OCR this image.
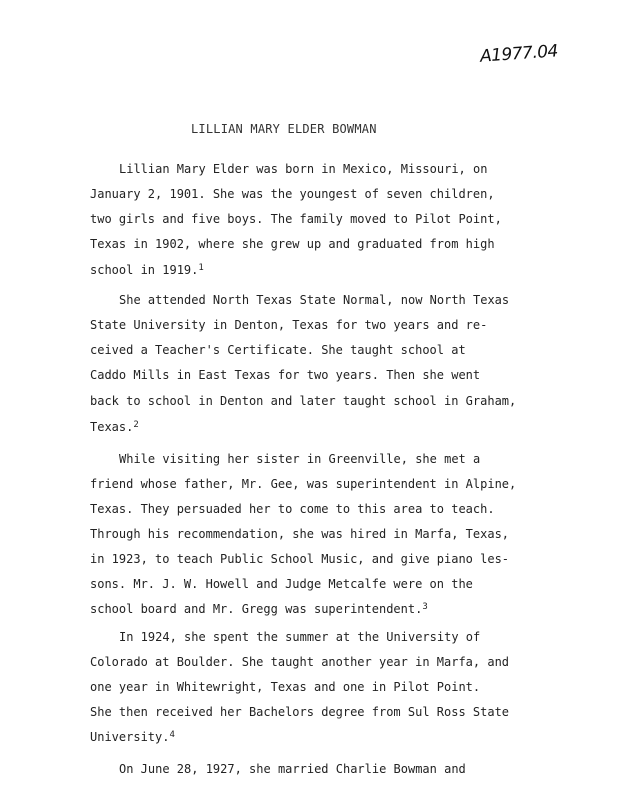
A1977.04
LILLIAN MARY ELDER BOWMAN
Lillian Mary Elder was born in Mexico, Missouri, on
January 2, 1901. She was the youngest of seven children,
two girls and five boys. The family moved to Pilot Point,
Texas in 1902, where she grew up and graduated from high
school in 1919.$^1$
She attended North Texas State Normal, now North Texas
State University in Denton, Texas for two years and re-
ceived a Teacher's Certificate. She taught school at
Caddo Mills in East Texas for two years. Then she went
back to school in Denton and later taught school in Graham,
Texas.$^2$
While visiting her sister in Greenville, she met a
friend whose father, Mr. Gee, was superintendent in Alpine,
Texas. They persuaded her to come to this area to teach.
Through his recommendation, she was hired in Marfa, Texas,
in 1923, to teach Public School Music, and give piano les-
sons. Mr. J. W. Howell and Judge Metcalfe were on the
school board and Mr. Gregg was superintendent.$^3$
In 1924, she spent the summer at the University of
Colorado at Boulder. She taught another year in Marfa, and
one year in Whitewright, Texas and one in Pilot Point.
She then received her Bachelors degree from Sul Ross State
University.$^4$
On June 28, 1927, she married Charlie Bowman and
